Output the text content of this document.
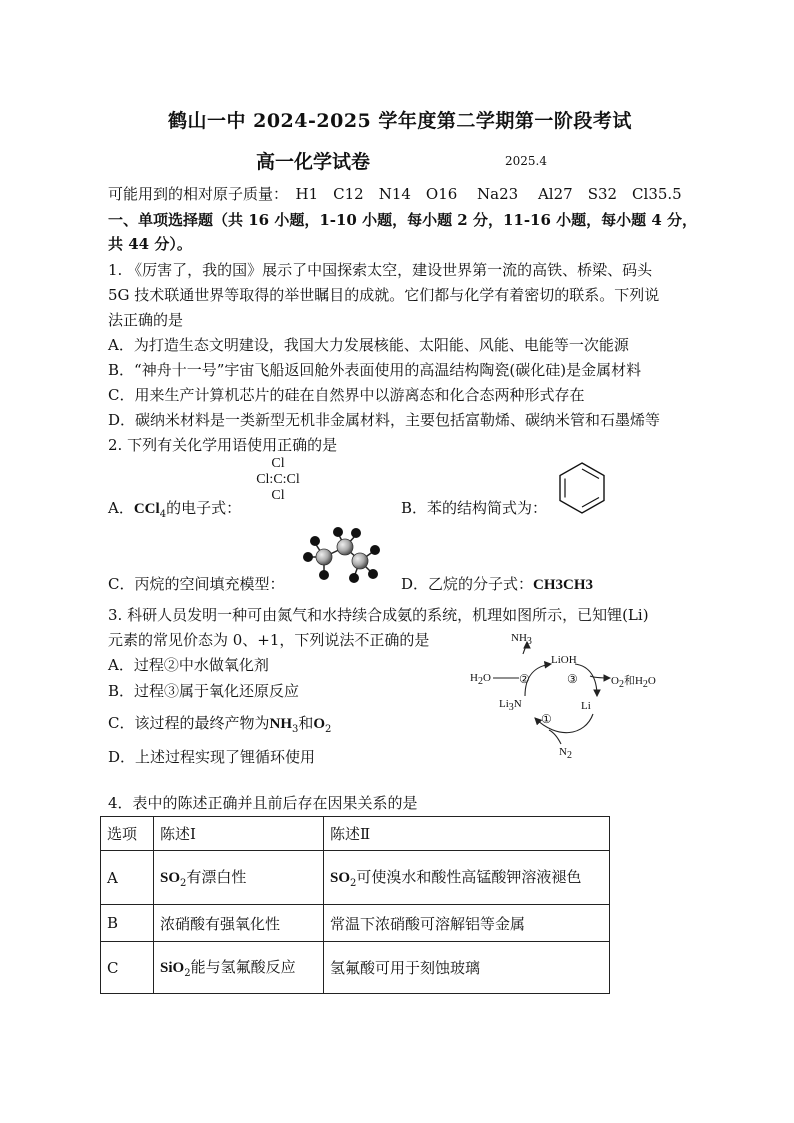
鹤山一中 2024-2025 学年度第二学期第一阶段考试
高一化学试卷	2025.4
可能用到的相对原子质量：　H1　C12　N14　O16　 Na23　 Al27　S32　Cl35.5
一、单项选择题（共 16 小题，1-10 小题，每小题 2 分，11-16 小题，每小题 4 分，
共 44 分）。
1. 《厉害了，我的国》展示了中国探索太空，建设世界第一流的高铁、桥梁、码头
5G 技术联通世界等取得的举世瞩目的成就。它们都与化学有着密切的联系。下列说
法正确的是
A．为打造生态文明建设，我国大力发展核能、太阳能、风能、电能等一次能源
B．“神舟十一号”宇宙飞船返回舱外表面使用的高温结构陶瓷(碳化硅)是金属材料
C．用来生产计算机芯片的硅在自然界中以游离态和化合态两种形式存在
D．碳纳米材料是一类新型无机非金属材料，主要包括富勒烯、碳纳米管和石墨烯等
2. 下列有关化学用语使用正确的是
A．CCl$_4$的电子式：
Cl
Cl:C:Cl
Cl
B．苯的结构简式为：
C．丙烷的空间填充模型：	D．乙烷的分子式：CH3CH3
3. 科研人员发明一种可由氮气和水持续合成氨的系统，机理如图所示，已知锂(Li)
元素的常见价态为 0、+1，下列说法不正确的是
A．过程②中水做氧化剂
B．过程③属于氧化还原反应
C．该过程的最终产物为$NH_3$和$O_2$
D．上述过程实现了锂循环使用
$NH_3$
LiOH
$H_2O$	$O_2$和$H_2O$
②	③
$Li_3N$	Li
①
$N_2$
4．表中的陈述正确并且前后存在因果关系的是
选项	陈述Ⅰ	陈述Ⅱ
A	$SO_2$有漂白性	$SO_2$可使溴水和酸性高锰酸钾溶液褪色
B	浓硝酸有强氧化性	常温下浓硝酸可溶解铝等金属
C	SiO$_2$能与氢氟酸反应	氢氟酸可用于刻蚀玻璃
